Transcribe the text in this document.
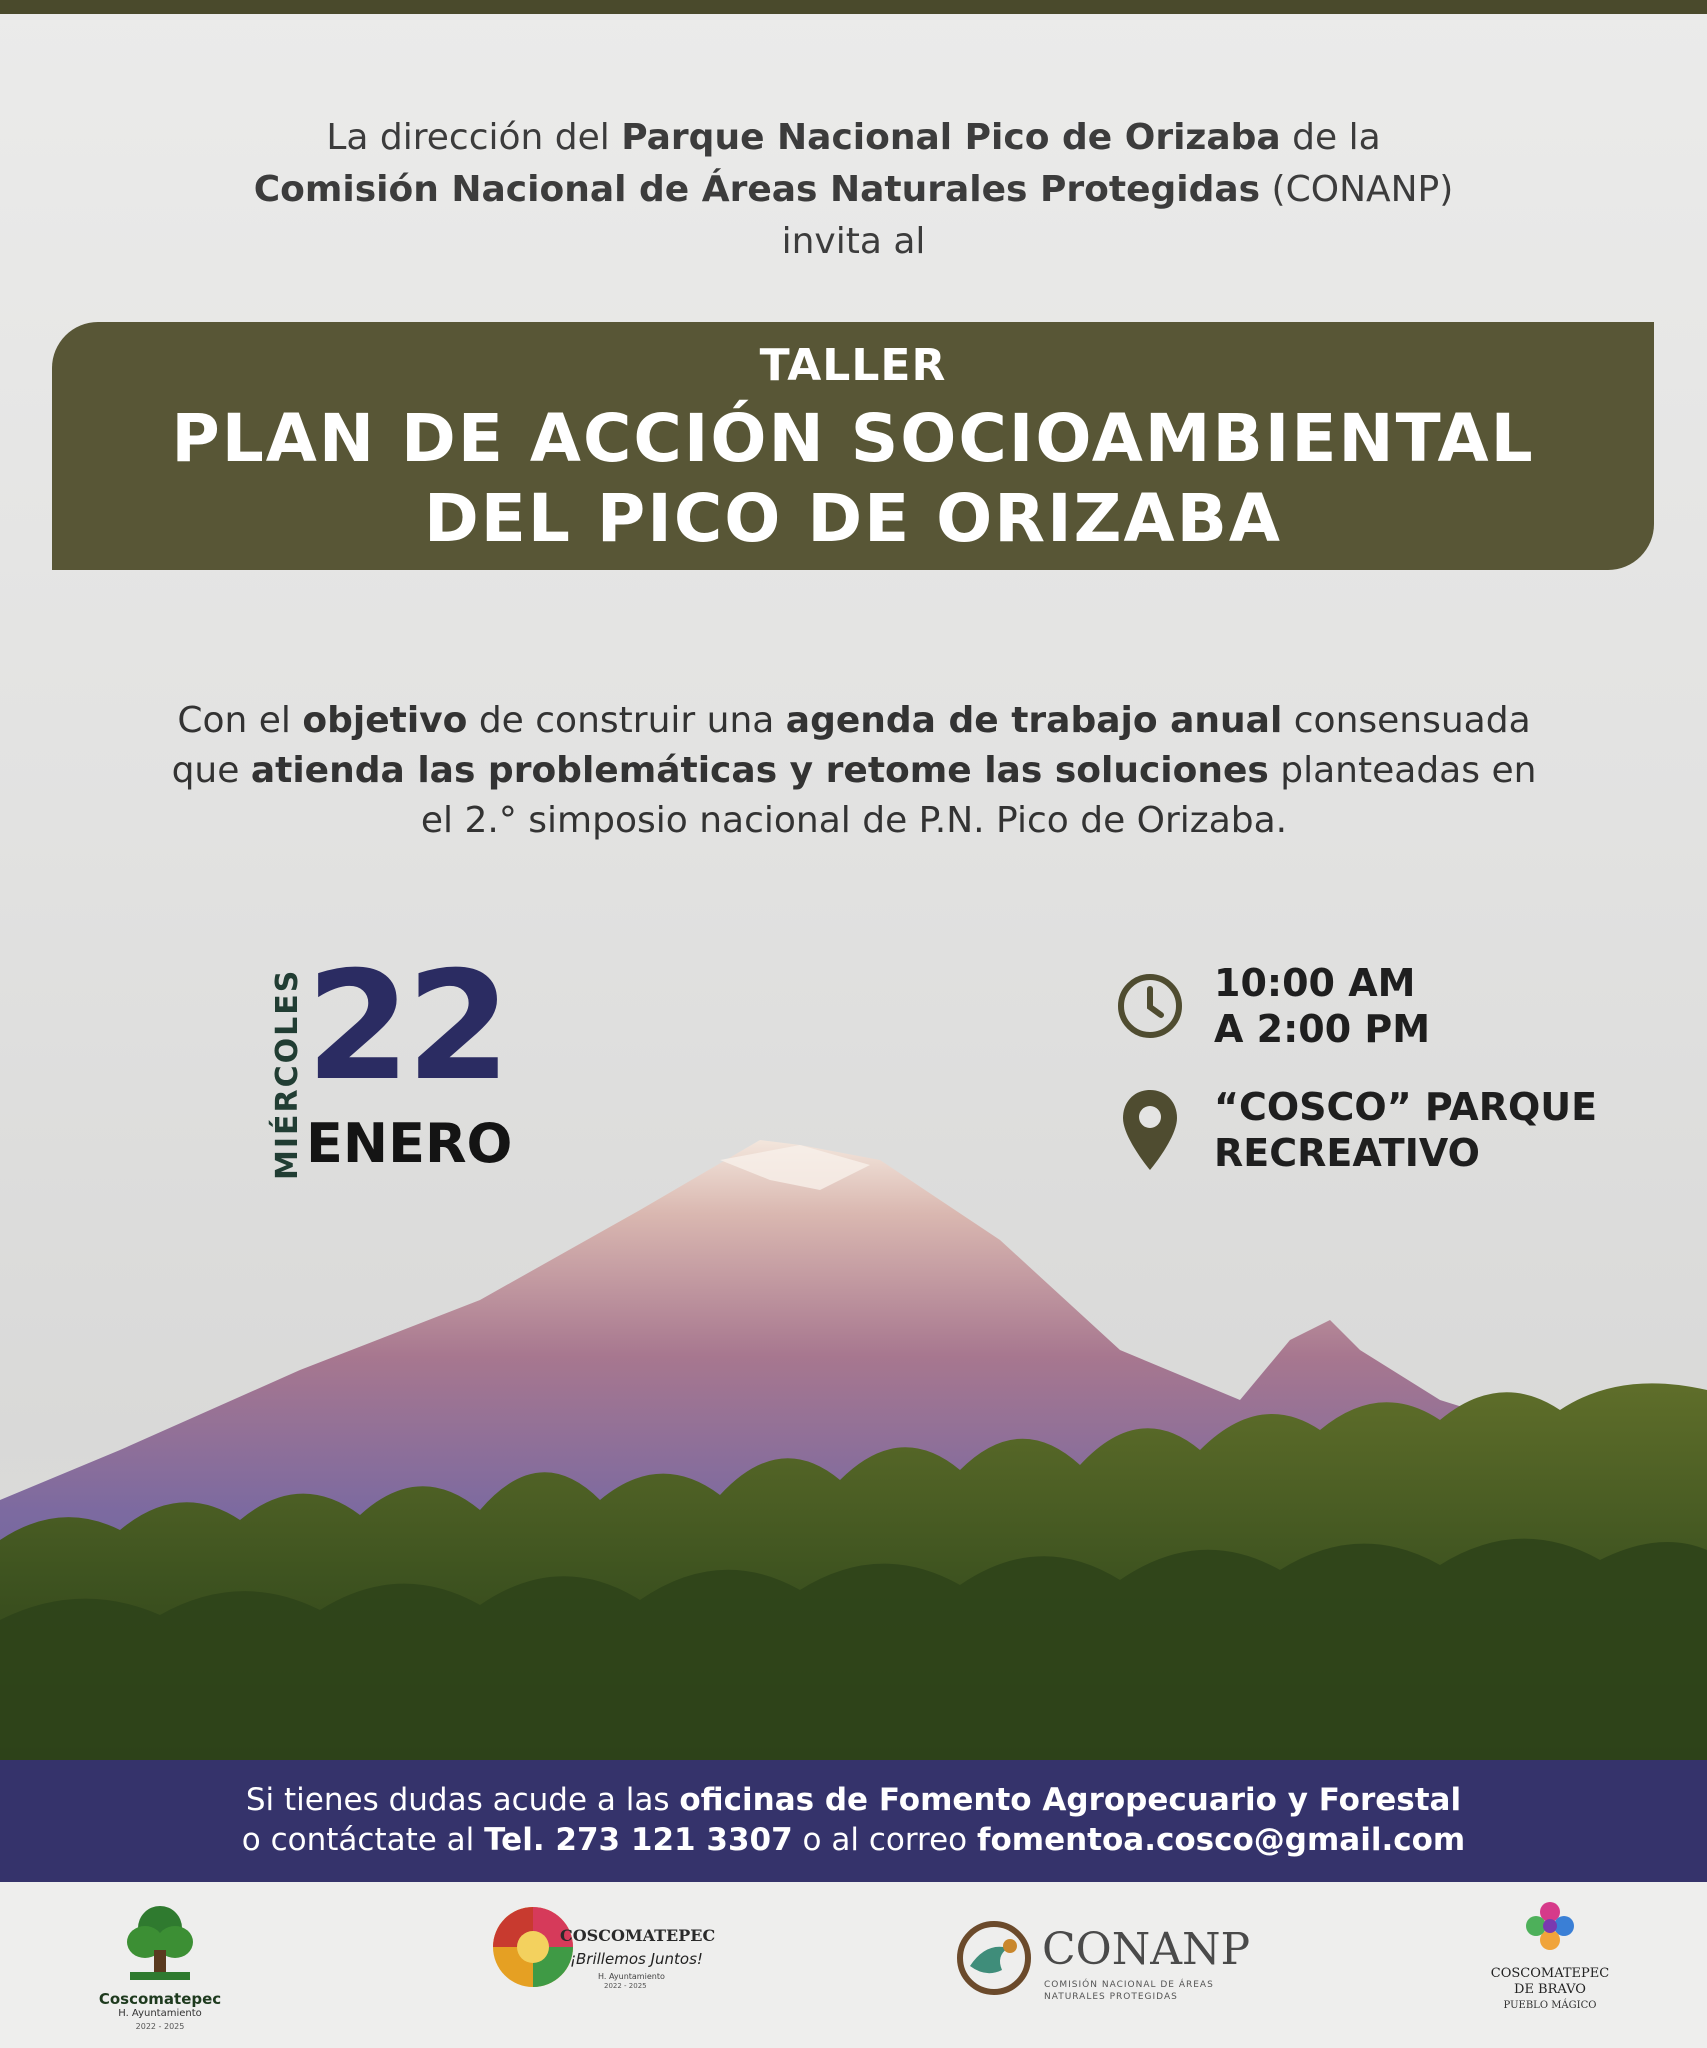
La dirección del Parque Nacional Pico de Orizaba de la
Comisión Nacional de Áreas Naturales Protegidas (CONANP)
invita al
TALLER
PLAN DE ACCIÓN SOCIOAMBIENTAL
DEL PICO DE ORIZABA
Con el objetivo de construir una agenda de trabajo anual consensuada
que atienda las problemáticas y retome las soluciones planteadas en
el 2.° simposio nacional de P.N. Pico de Orizaba.
MIÉRCOLES 22
ENERO
10:00 AM
A 2:00 PM
“COSCO” PARQUE
RECREATIVO
Si tienes dudas acude a las oficinas de Fomento Agropecuario y Forestal
o contáctate al Tel. 273 121 3307 o al correo fomentoa.cosco@gmail.com
Coscomatepec
H. Ayuntamiento
2022 - 2025
COSCOMATEPEC
¡Brillemos Juntos!
H. Ayuntamiento
2022 - 2025
CONANP
COMISIÓN NACIONAL DE ÁREAS
NATURALES PROTEGIDAS
COSCOMATEPEC
DE BRAVO
PUEBLO MÁGICO
